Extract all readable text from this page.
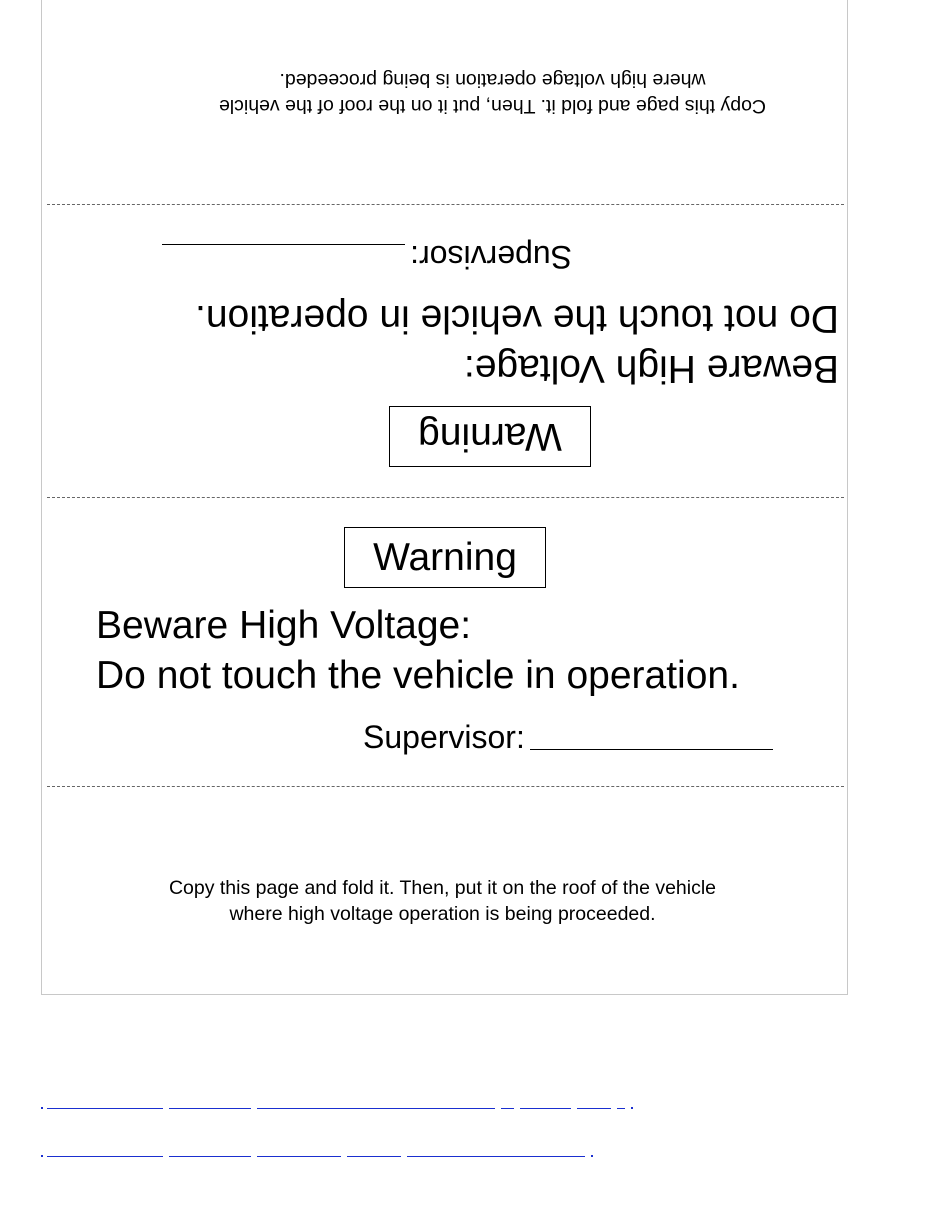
Warning
Beware High Voltage:
Do not touch the vehicle in operation.
Supervisor:
Copy this page and fold it. Then, put it on the roof of the vehicle
where high voltage operation is being proceeded.
Warning
Beware High Voltage:
Do not touch the vehicle in operation.
Supervisor:
Copy this page and fold it. Then, put it on the roof of the vehicle
where high voltage operation is being proceeded.
